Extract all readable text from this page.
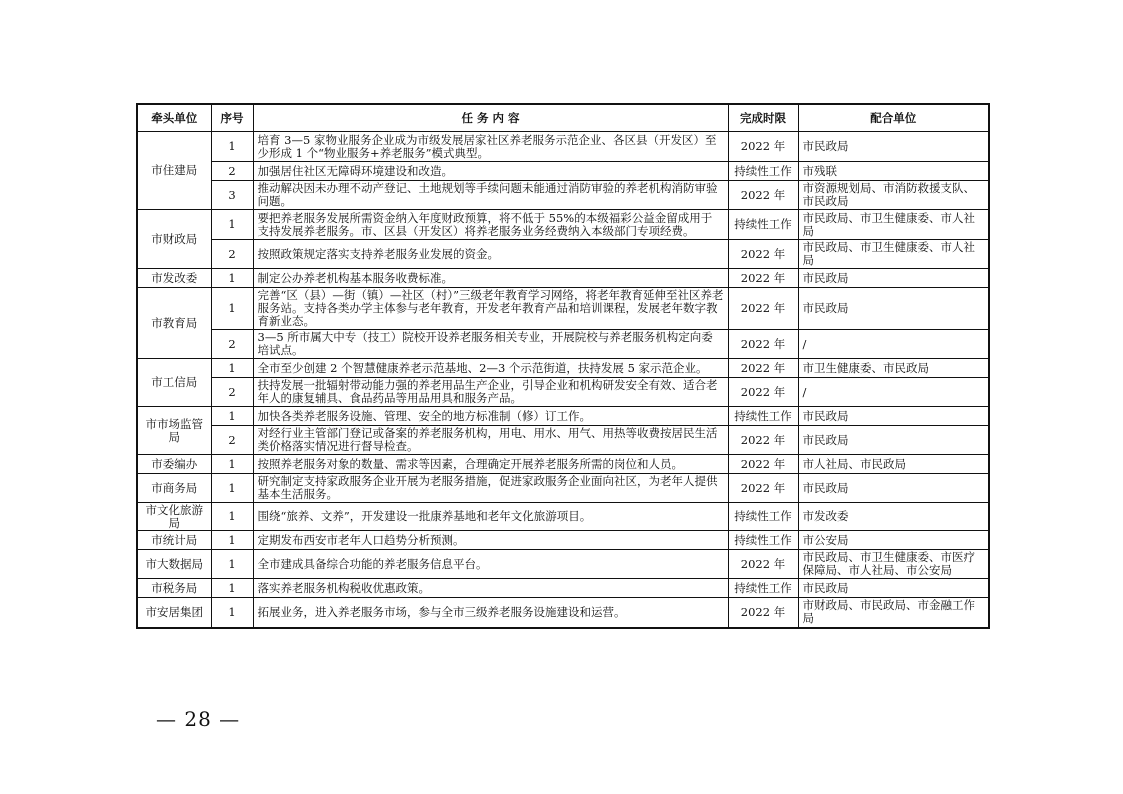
牵头单位	序号	任 务 内 容	完成时限	配合单位
市住建局	1	培育 3—5 家物业服务企业成为市级发展居家社区养老服务示范企业、各区县（开发区）至少形成 1 个“物业服务+养老服务”模式典型。	2022 年	市民政局
	2	加强居住社区无障碍环境建设和改造。	持续性工作	市残联
	3	推动解决因未办理不动产登记、土地规划等手续问题未能通过消防审验的养老机构消防审验问题。	2022 年	市资源规划局、市消防救援支队、市民政局
市财政局	1	要把养老服务发展所需资金纳入年度财政预算，将不低于 55%的本级福彩公益金留成用于支持发展养老服务。市、区县（开发区）将养老服务业务经费纳入本级部门专项经费。	持续性工作	市民政局、市卫生健康委、市人社局
	2	按照政策规定落实支持养老服务业发展的资金。	2022 年	市民政局、市卫生健康委、市人社局
市发改委	1	制定公办养老机构基本服务收费标准。	2022 年	市民政局
市教育局	1	完善“区（县）—街（镇）—社区（村）”三级老年教育学习网络，将老年教育延伸至社区养老服务站。支持各类办学主体参与老年教育，开发老年教育产品和培训课程，发展老年数字教育新业态。	2022 年	市民政局
	2	3—5 所市属大中专（技工）院校开设养老服务相关专业，开展院校与养老服务机构定向委培试点。	2022 年	/
市工信局	1	全市至少创建 2 个智慧健康养老示范基地、2—3 个示范街道，扶持发展 5 家示范企业。	2022 年	市卫生健康委、市民政局
	2	扶持发展一批辐射带动能力强的养老用品生产企业，引导企业和机构研发安全有效、适合老年人的康复辅具、食品药品等用品用具和服务产品。	2022 年	/
市市场监管局	1	加快各类养老服务设施、管理、安全的地方标准制（修）订工作。	持续性工作	市民政局
	2	对经行业主管部门登记或备案的养老服务机构，用电、用水、用气、用热等收费按居民生活类价格落实情况进行督导检查。	2022 年	市民政局
市委编办	1	按照养老服务对象的数量、需求等因素，合理确定开展养老服务所需的岗位和人员。	2022 年	市人社局、市民政局
市商务局	1	研究制定支持家政服务企业开展为老服务措施，促进家政服务企业面向社区，为老年人提供基本生活服务。	2022 年	市民政局
市文化旅游局	1	围绕“旅养、文养”，开发建设一批康养基地和老年文化旅游项目。	持续性工作	市发改委
市统计局	1	定期发布西安市老年人口趋势分析预测。	持续性工作	市公安局
市大数据局	1	全市建成具备综合功能的养老服务信息平台。	2022 年	市民政局、市卫生健康委、市医疗保障局、市人社局、市公安局
市税务局	1	落实养老服务机构税收优惠政策。	持续性工作	市民政局
市安居集团	1	拓展业务，进入养老服务市场，参与全市三级养老服务设施建设和运营。	2022 年	市财政局、市民政局、市金融工作局
— 28 —
